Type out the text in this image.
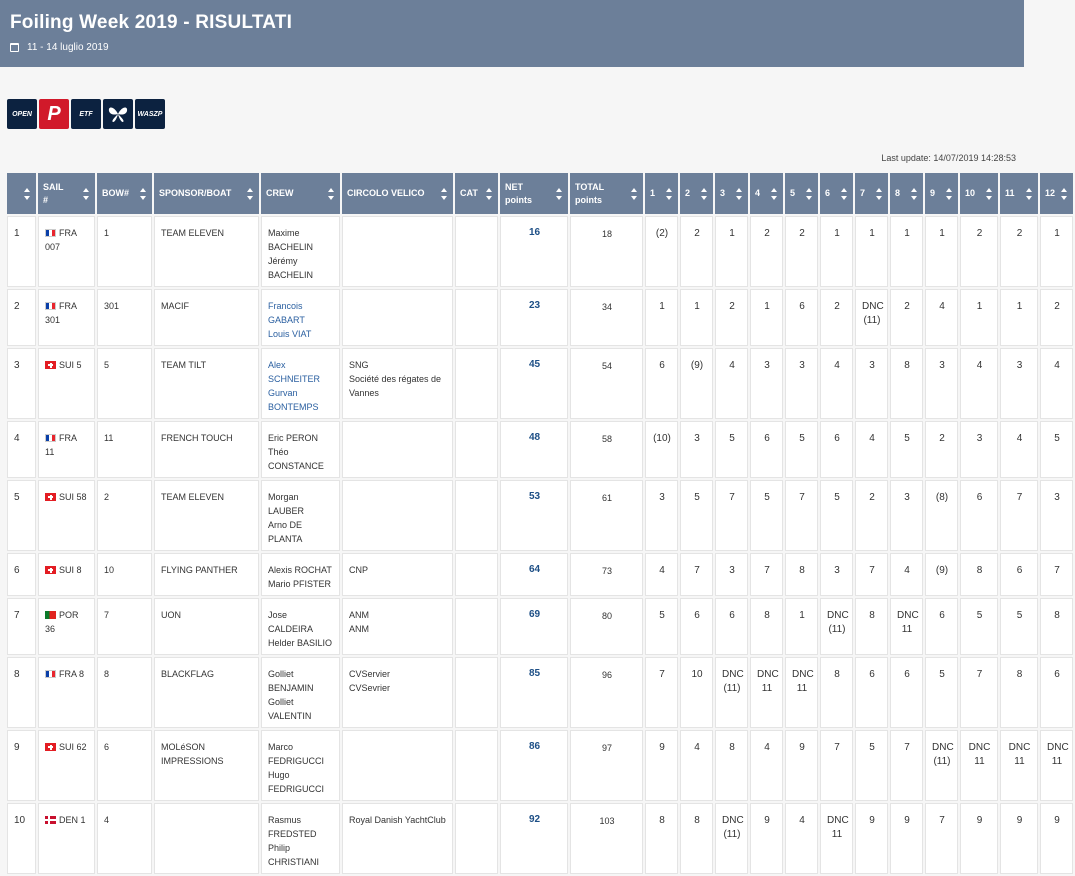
Foiling Week 2019 - RISULTATI
11 - 14 luglio 2019
OPEN P	ETF	WASZP
Last update: 14/07/2019 14:28:53
	SAIL
#	BOW#	SPONSOR/BOAT	CREW	CIRCOLO VELICO	CAT	NET
points	TOTAL
points	1	2	3	4	5	6	7	8	9	10	11	12

1	FRA
007	1	TEAM ELEVEN	Maxime
BACHELIN
Jérémy
BACHELIN			16	18	(2)	2	1	2	2	1	1	1	1	2	2	1

2	FRA
301	301	MACIF	Francois
GABART
Louis VIAT			23	34	1	1	2	1	6	2	DNC
(11)	2	4	1	1	2

3	SUI 5	5	TEAM TILT	Alex SCHNEITER
Gurvan
BONTEMPS	SNG
Société des régates de
Vannes		45	54	6	(9)	4	3	3	4	3	8	3	4	3	4

4	FRA
11	11	FRENCH TOUCH	Eric PERON
Théo
CONSTANCE			48	58	(10)	3	5	6	5	6	4	5	2	3	4	5

5	SUI 58	2	TEAM ELEVEN	Morgan LAUBER
Arno DE PLANTA			53	61	3	5	7	5	7	5	2	3	(8)	6	7	3

6	SUI 8	10	FLYING PANTHER	Alexis ROCHAT
Mario PFISTER	CNP		64	73	4	7	3	7	8	3	7	4	(9)	8	6	7

7	POR
36	7	UON	Jose CALDEIRA
Helder BASILIO	ANM
ANM		69	80	5	6	6	8	1	DNC
(11)	8	DNC
11	6	5	5	8

8	FRA 8	8	BLACKFLAG	Golliet
BENJAMIN
Golliet
VALENTIN	CVServier
CVSevrier		85	96	7	10	DNC
(11)	DNC
11	DNC
11	8	6	6	5	7	8	6

9	SUI 62	6	MOLéSON
IMPRESSIONS	Marco
FEDRIGUCCI
Hugo
FEDRIGUCCI			86	97	9	4	8	4	9	7	5	7	DNC
(11)	DNC
11	DNC
11	DNC
11

10	DEN 1	4		Rasmus
FREDSTED
Philip
CHRISTIANI	Royal Danish YachtClub		92	103	8	8	DNC
(11)	9	4	DNC
11	9	9	7	9	9	9
